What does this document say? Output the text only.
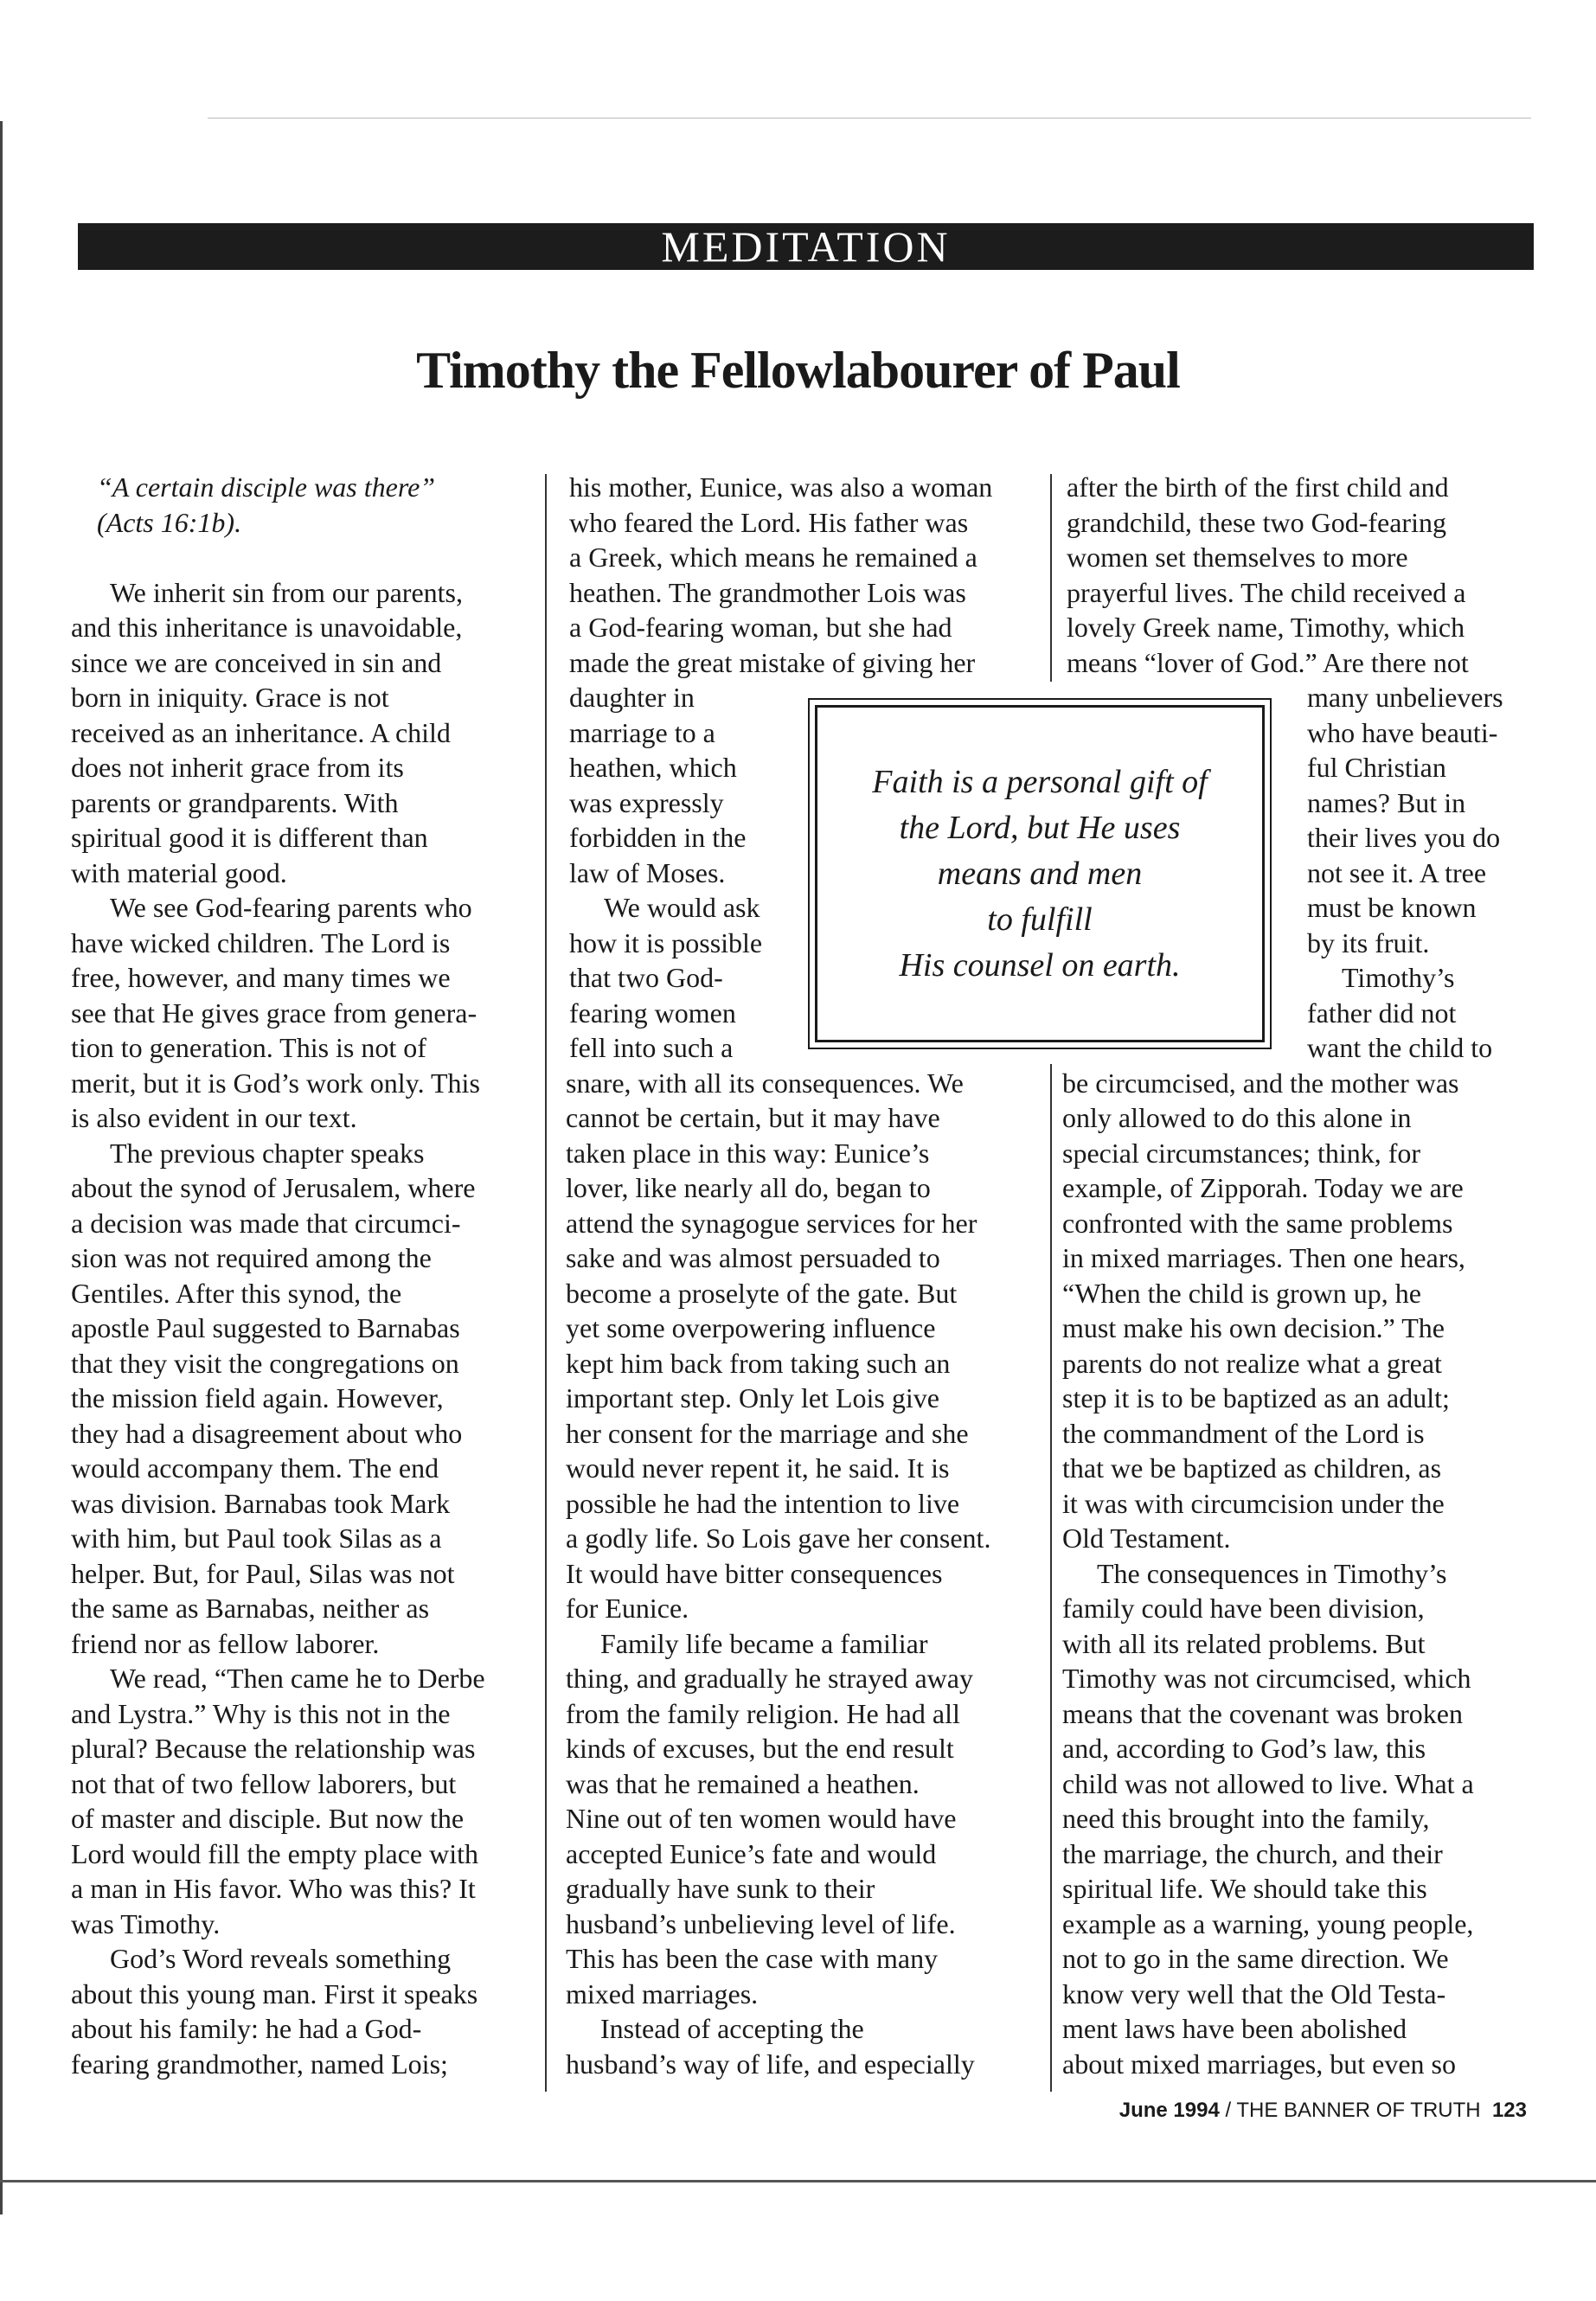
MEDITATION
Timothy the Fellowlabourer of Paul
“A certain disciple was there”
(Acts 16:1b).
We inherit sin from our parents,
and this inheritance is unavoidable,
since we are conceived in sin and
born in iniquity. Grace is not
received as an inheritance. A child
does not inherit grace from its
parents or grandparents. With
spiritual good it is different than
with material good.
We see God-fearing parents who
have wicked children. The Lord is
free, however, and many times we
see that He gives grace from genera-
tion to generation. This is not of
merit, but it is God’s work only. This
is also evident in our text.
The previous chapter speaks
about the synod of Jerusalem, where
a decision was made that circumci-
sion was not required among the
Gentiles. After this synod, the
apostle Paul suggested to Barnabas
that they visit the congregations on
the mission field again. However,
they had a disagreement about who
would accompany them. The end
was division. Barnabas took Mark
with him, but Paul took Silas as a
helper. But, for Paul, Silas was not
the same as Barnabas, neither as
friend nor as fellow laborer.
We read, “Then came he to Derbe
and Lystra.” Why is this not in the
plural? Because the relationship was
not that of two fellow laborers, but
of master and disciple. But now the
Lord would fill the empty place with
a man in His favor. Who was this? It
was Timothy.
God’s Word reveals something
about this young man. First it speaks
about his family: he had a God-
fearing grandmother, named Lois;
his mother, Eunice, was also a woman
who feared the Lord. His father was
a Greek, which means he remained a
heathen. The grandmother Lois was
a God-fearing woman, but she had
made the great mistake of giving her
daughter in
marriage to a
heathen, which
was expressly
forbidden in the
law of Moses.
We would ask
how it is possible
that two God-
fearing women
fell into such a
snare, with all its consequences. We
cannot be certain, but it may have
taken place in this way: Eunice’s
lover, like nearly all do, began to
attend the synagogue services for her
sake and was almost persuaded to
become a proselyte of the gate. But
yet some overpowering influence
kept him back from taking such an
important step. Only let Lois give
her consent for the marriage and she
would never repent it, he said. It is
possible he had the intention to live
a godly life. So Lois gave her consent.
It would have bitter consequences
for Eunice.
Family life became a familiar
thing, and gradually he strayed away
from the family religion. He had all
kinds of excuses, but the end result
was that he remained a heathen.
Nine out of ten women would have
accepted Eunice’s fate and would
gradually have sunk to their
husband’s unbelieving level of life.
This has been the case with many
mixed marriages.
Instead of accepting the
husband’s way of life, and especially
after the birth of the first child and
grandchild, these two God-fearing
women set themselves to more
prayerful lives. The child received a
lovely Greek name, Timothy, which
means “lover of God.” Are there not
many unbelievers
who have beauti-
ful Christian
names? But in
their lives you do
not see it. A tree
must be known
by its fruit.
Timothy’s
father did not
want the child to
be circumcised, and the mother was
only allowed to do this alone in
special circumstances; think, for
example, of Zipporah. Today we are
confronted with the same problems
in mixed marriages. Then one hears,
“When the child is grown up, he
must make his own decision.” The
parents do not realize what a great
step it is to be baptized as an adult;
the commandment of the Lord is
that we be baptized as children, as
it was with circumcision under the
Old Testament.
The consequences in Timothy’s
family could have been division,
with all its related problems. But
Timothy was not circumcised, which
means that the covenant was broken
and, according to God’s law, this
child was not allowed to live. What a
need this brought into the family,
the marriage, the church, and their
spiritual life. We should take this
example as a warning, young people,
not to go in the same direction. We
know very well that the Old Testa-
ment laws have been abolished
about mixed marriages, but even so
Faith is a personal gift of
the Lord, but He uses
means and men
to fulfill
His counsel on earth.
June 1994 / THE BANNER OF TRUTH 123
